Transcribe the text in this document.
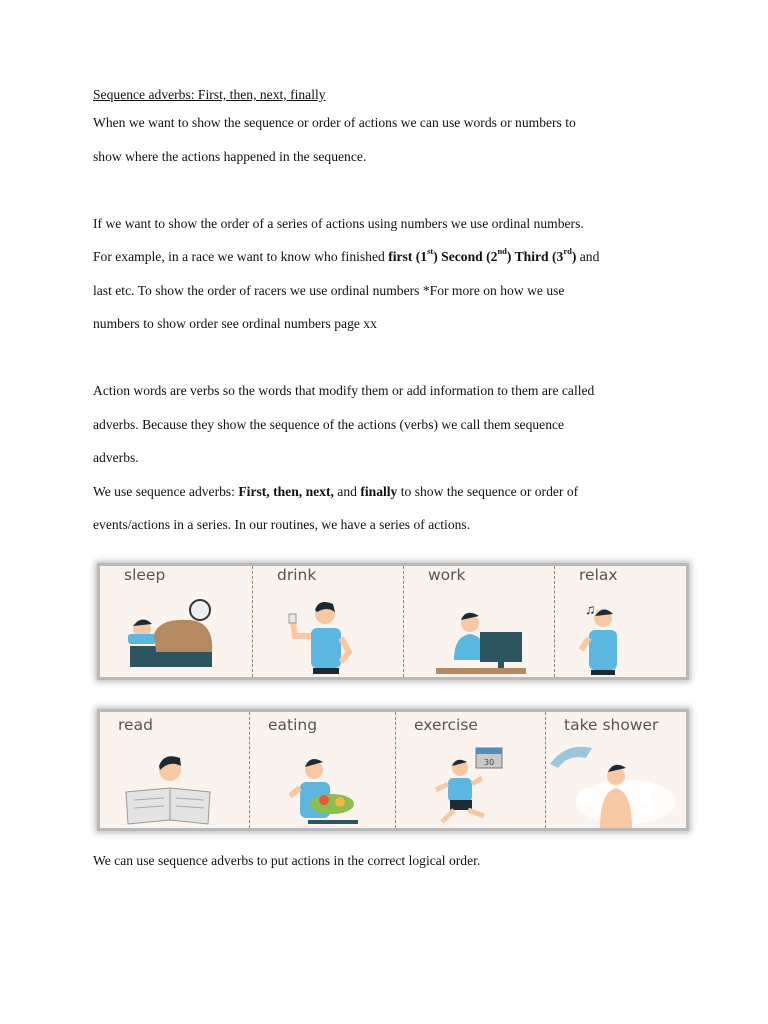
Sequence adverbs: First, then, next, finally

When we want to show the sequence or order of actions we can use words or numbers to

show where the actions happened in the sequence.

If we want to show the order of a series of actions using numbers we use ordinal numbers.

For example, in a race we want to know who finished first (1st) Second (2nd) Third (3rd) and

last etc. To show the order of racers we use ordinal numbers *For more on how we use

numbers to show order see ordinal numbers page xx

Action words are verbs so the words that modify them or add information to them are called

adverbs. Because they show the sequence of the actions (verbs) we call them sequence

adverbs.

We use sequence adverbs: First, then, next, and finally to show the sequence or order of

events/actions in a series. In our routines, we have a series of actions.

sleep	drink	work	relax
♫
read	eating	exercise
30
take shower

We can use sequence adverbs to put actions in the correct logical order.
